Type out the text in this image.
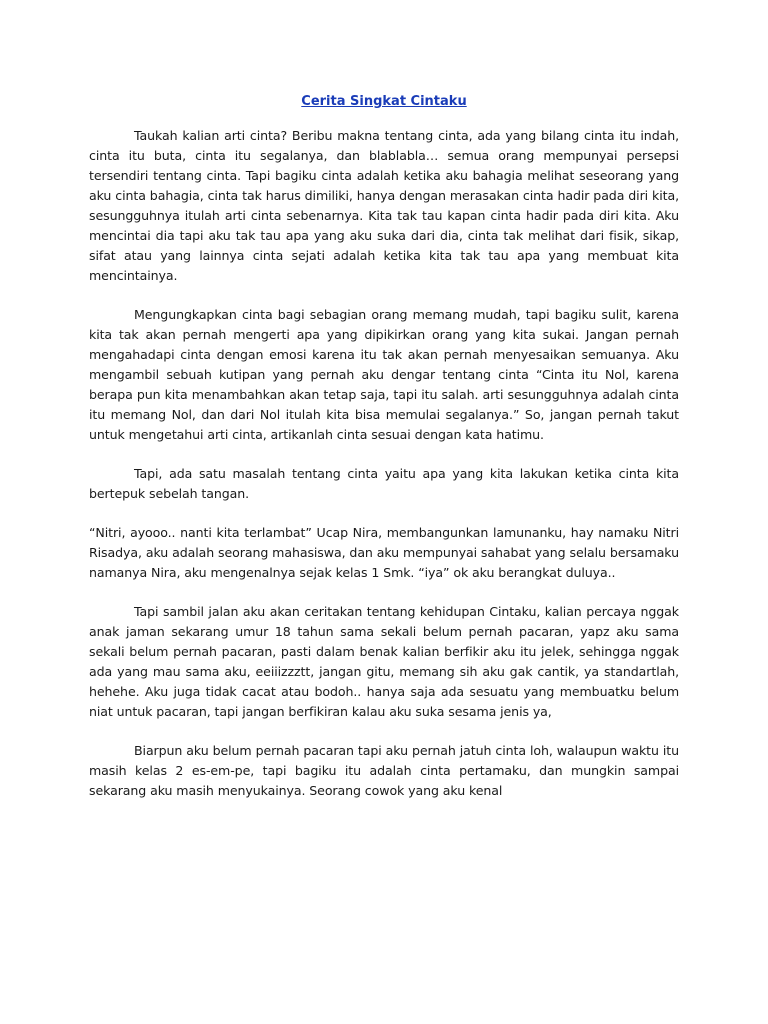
Cerita Singkat Cintaku

Taukah kalian arti cinta? Beribu makna tentang cinta, ada yang bilang cinta itu indah, cinta itu buta, cinta itu segalanya, dan blablabla… semua orang mempunyai persepsi tersendiri tentang cinta. Tapi bagiku cinta adalah ketika aku bahagia melihat seseorang yang aku cinta bahagia, cinta tak harus dimiliki, hanya dengan merasakan cinta hadir pada diri kita, sesungguhnya itulah arti cinta sebenarnya. Kita tak tau kapan cinta hadir pada diri kita. Aku mencintai dia tapi aku tak tau apa yang aku suka dari dia, cinta tak melihat dari fisik, sikap, sifat atau yang lainnya cinta sejati adalah ketika kita tak tau apa yang membuat kita mencintainya.

Mengungkapkan cinta bagi sebagian orang memang mudah, tapi bagiku sulit, karena kita tak akan pernah mengerti apa yang dipikirkan orang yang kita sukai. Jangan pernah mengahadapi cinta dengan emosi karena itu tak akan pernah menyesaikan semuanya. Aku mengambil sebuah kutipan yang pernah aku dengar tentang cinta “Cinta itu Nol, karena berapa pun kita menambahkan akan tetap saja, tapi itu salah. arti sesungguhnya adalah cinta itu memang Nol, dan dari Nol itulah kita bisa memulai segalanya.” So, jangan pernah takut untuk mengetahui arti cinta, artikanlah cinta sesuai dengan kata hatimu.

Tapi, ada satu masalah tentang cinta yaitu apa yang kita lakukan ketika cinta kita bertepuk sebelah tangan.

“Nitri, ayooo.. nanti kita terlambat” Ucap Nira, membangunkan lamunanku, hay namaku Nitri Risadya, aku adalah seorang mahasiswa, dan aku mempunyai sahabat yang selalu bersamaku namanya Nira, aku mengenalnya sejak kelas 1 Smk. “iya” ok aku berangkat duluya..

Tapi sambil jalan aku akan ceritakan tentang kehidupan Cintaku, kalian percaya nggak anak jaman sekarang umur 18 tahun sama sekali belum pernah pacaran, yapz aku sama sekali belum pernah pacaran, pasti dalam benak kalian berfikir aku itu jelek, sehingga nggak ada yang mau sama aku, eeiiizzztt, jangan gitu, memang sih aku gak cantik, ya standartlah, hehehe. Aku juga tidak cacat atau bodoh.. hanya saja ada sesuatu yang membuatku belum niat untuk pacaran, tapi jangan berfikiran kalau aku suka sesama jenis ya,

Biarpun aku belum pernah pacaran tapi aku pernah jatuh cinta loh, walaupun waktu itu masih kelas 2 es-em-pe, tapi bagiku itu adalah cinta pertamaku, dan mungkin sampai sekarang aku masih menyukainya. Seorang cowok yang aku kenal
